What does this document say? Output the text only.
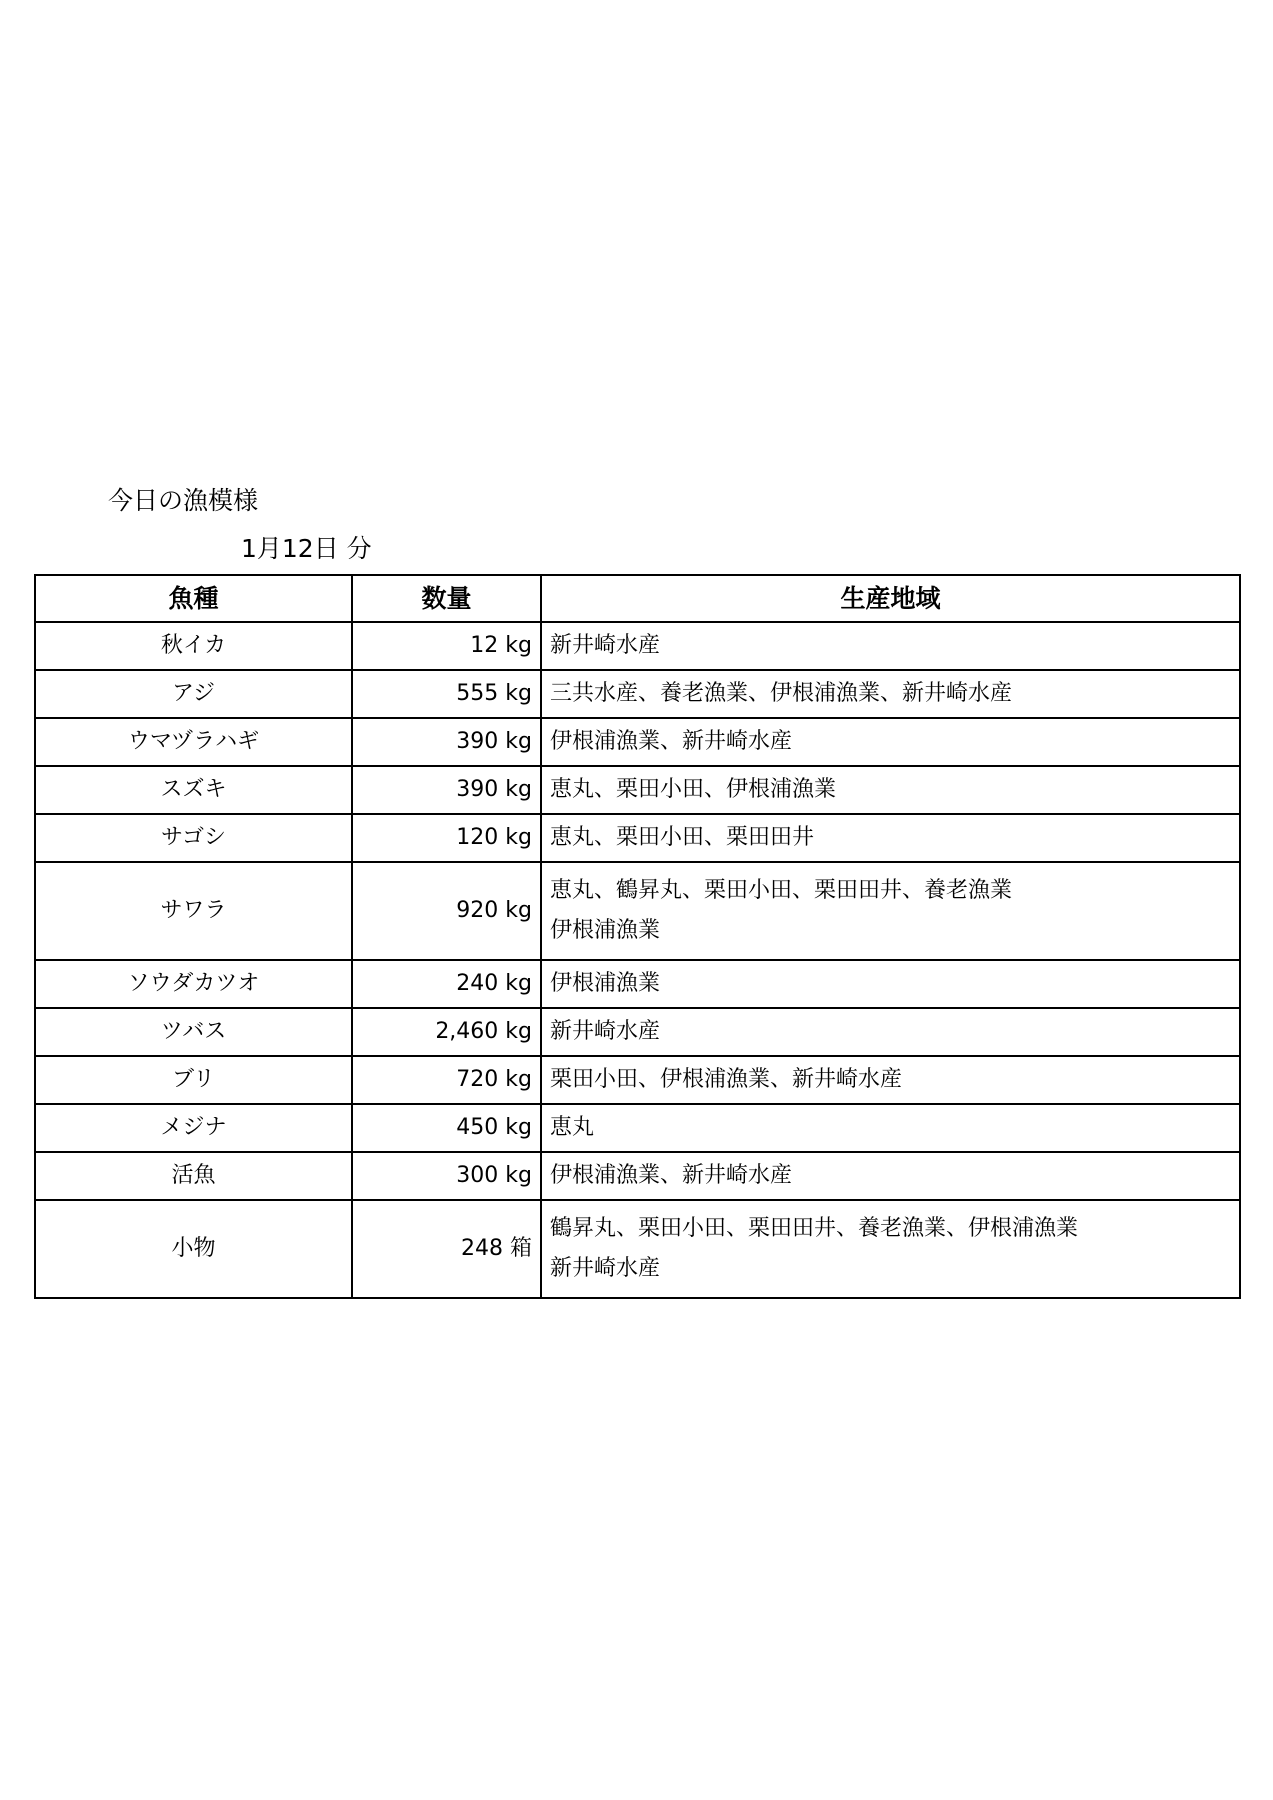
今日の漁模様
1月12日 分
魚種	数量	生産地域
秋イカ	12 kg	新井崎水産

アジ	555 kg	三共水産、養老漁業、伊根浦漁業、新井崎水産

ウマヅラハギ	390 kg	伊根浦漁業、新井崎水産

スズキ	390 kg	恵丸、栗田小田、伊根浦漁業

サゴシ	120 kg	恵丸、栗田小田、栗田田井

サワラ	920 kg	恵丸、鶴昇丸、栗田小田、栗田田井、養老漁業
伊根浦漁業

ソウダカツオ	240 kg	伊根浦漁業

ツバス	2,460 kg	新井崎水産

ブリ	720 kg	栗田小田、伊根浦漁業、新井崎水産

メジナ	450 kg	恵丸

活魚	300 kg	伊根浦漁業、新井崎水産

小物	248 箱	鶴昇丸、栗田小田、栗田田井、養老漁業、伊根浦漁業
新井崎水産
